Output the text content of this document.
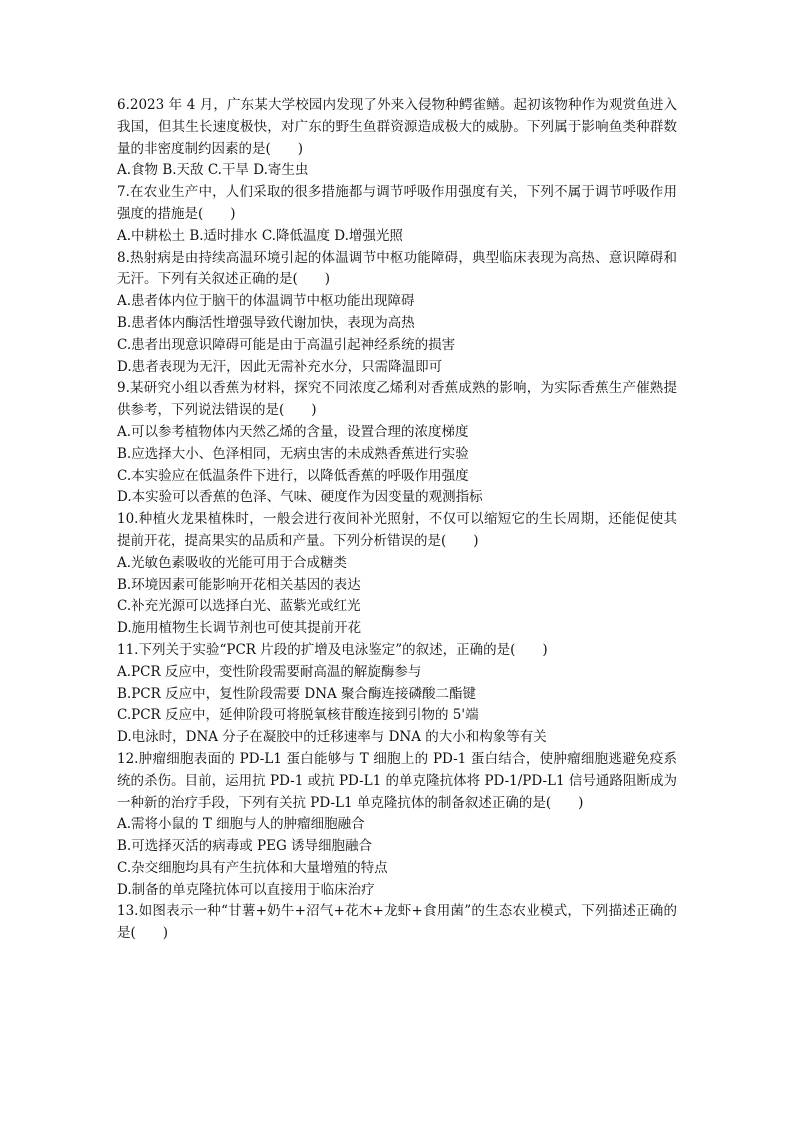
6.2023 年 4 月，广东某大学校园内发现了外来入侵物种鳄雀鳝。起初该物种作为观赏鱼进入我国，但其生长速度极快，对广东的野生鱼群资源造成极大的威胁。下列属于影响鱼类种群数量的非密度制约因素的是(　　)
A.食物 B.天敌 C.干旱 D.寄生虫
7.在农业生产中，人们采取的很多措施都与调节呼吸作用强度有关，下列不属于调节呼吸作用强度的措施是(　　)
A.中耕松土 B.适时排水 C.降低温度 D.增强光照
8.热射病是由持续高温环境引起的体温调节中枢功能障碍，典型临床表现为高热、意识障碍和无汗。下列有关叙述正确的是(　　)
A.患者体内位于脑干的体温调节中枢功能出现障碍
B.患者体内酶活性增强导致代谢加快，表现为高热
C.患者出现意识障碍可能是由于高温引起神经系统的损害
D.患者表现为无汗，因此无需补充水分，只需降温即可
9.某研究小组以香蕉为材料，探究不同浓度乙烯利对香蕉成熟的影响，为实际香蕉生产催熟提供参考，下列说法错误的是(　　)
A.可以参考植物体内天然乙烯的含量，设置合理的浓度梯度
B.应选择大小、色泽相同，无病虫害的未成熟香蕉进行实验
C.本实验应在低温条件下进行，以降低香蕉的呼吸作用强度
D.本实验可以香蕉的色泽、气味、硬度作为因变量的观测指标
10.种植火龙果植株时，一般会进行夜间补光照射，不仅可以缩短它的生长周期，还能促使其提前开花，提高果实的品质和产量。下列分析错误的是(　　)
A.光敏色素吸收的光能可用于合成糖类
B.环境因素可能影响开花相关基因的表达
C.补充光源可以选择白光、蓝紫光或红光
D.施用植物生长调节剂也可使其提前开花
11.下列关于实验“PCR 片段的扩增及电泳鉴定”的叙述，正确的是(　　)
A.PCR 反应中，变性阶段需要耐高温的解旋酶参与
B.PCR 反应中，复性阶段需要 DNA 聚合酶连接磷酸二酯键
C.PCR 反应中，延伸阶段可将脱氧核苷酸连接到引物的 5'端
D.电泳时，DNA 分子在凝胶中的迁移速率与 DNA 的大小和构象等有关
12.肿瘤细胞表面的 PD-L1 蛋白能够与 T 细胞上的 PD-1 蛋白结合，使肿瘤细胞逃避免疫系统的杀伤。目前，运用抗 PD-1 或抗 PD-L1 的单克隆抗体将 PD-1/PD-L1 信号通路阻断成为一种新的治疗手段，下列有关抗 PD-L1 单克隆抗体的制备叙述正确的是(　　)
A.需将小鼠的 T 细胞与人的肿瘤细胞融合
B.可选择灭活的病毒或 PEG 诱导细胞融合
C.杂交细胞均具有产生抗体和大量增殖的特点
D.制备的单克隆抗体可以直接用于临床治疗
13.如图表示一种“甘薯+奶牛+沼气+花木+龙虾+食用菌”的生态农业模式，下列描述正确的是(　　)
